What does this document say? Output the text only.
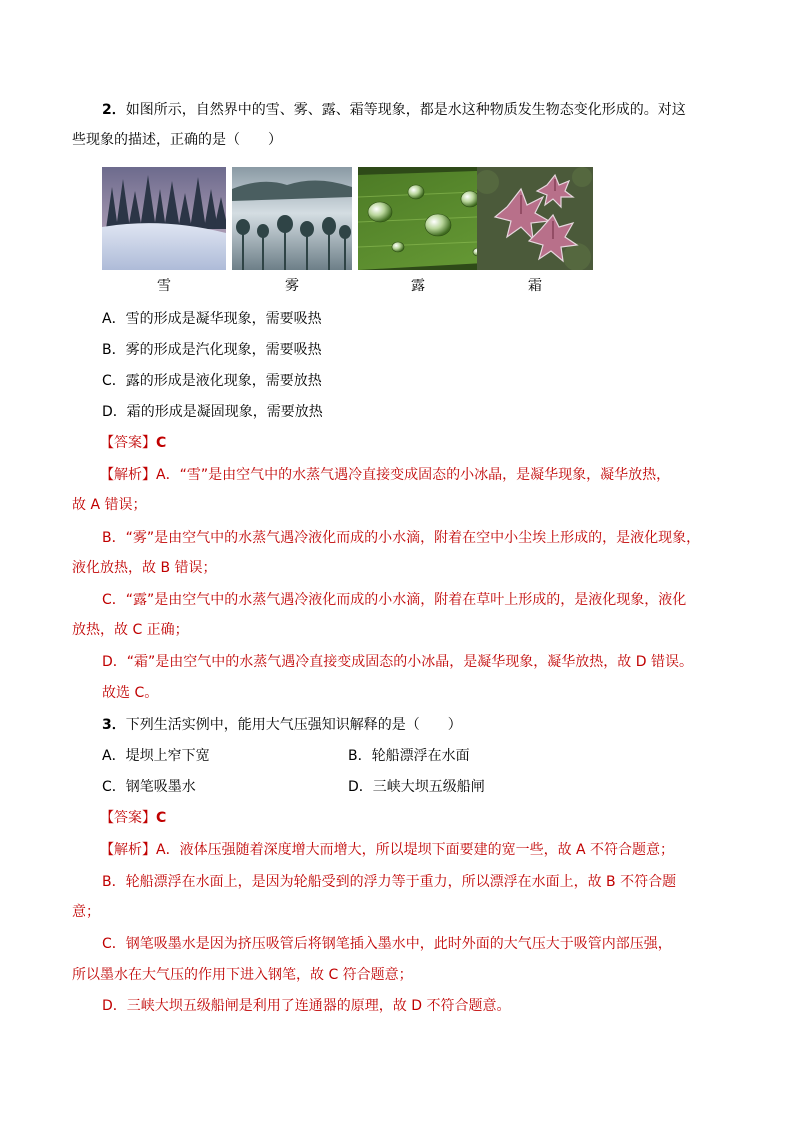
2．如图所示，自然界中的雪、雾、露、霜等现象，都是水这种物质发生物态变化形成的。对这
些现象的描述，正确的是（　　）
雪	雾	露	霜
A．雪的形成是凝华现象，需要吸热
B．雾的形成是汽化现象，需要吸热
C．露的形成是液化现象，需要放热
D．霜的形成是凝固现象，需要放热
【答案】C
【解析】A．“雪”是由空气中的水蒸气遇冷直接变成固态的小冰晶，是凝华现象，凝华放热，
故 A 错误；
B．“雾”是由空气中的水蒸气遇冷液化而成的小水滴，附着在空中小尘埃上形成的，是液化现象，
液化放热，故 B 错误；
C．“露”是由空气中的水蒸气遇冷液化而成的小水滴，附着在草叶上形成的，是液化现象，液化
放热，故 C 正确；
D．“霜”是由空气中的水蒸气遇冷直接变成固态的小冰晶，是凝华现象，凝华放热，故 D 错误。
故选 C。
3．下列生活实例中，能用大气压强知识解释的是（　　）
A．堤坝上窄下宽	B．轮船漂浮在水面
C．钢笔吸墨水	D．三峡大坝五级船闸
【答案】C
【解析】A．液体压强随着深度增大而增大，所以堤坝下面要建的宽一些，故 A 不符合题意；
B．轮船漂浮在水面上，是因为轮船受到的浮力等于重力，所以漂浮在水面上，故 B 不符合题
意；
C．钢笔吸墨水是因为挤压吸管后将钢笔插入墨水中，此时外面的大气压大于吸管内部压强，
所以墨水在大气压的作用下进入钢笔，故 C 符合题意；
D．三峡大坝五级船闸是利用了连通器的原理，故 D 不符合题意。
